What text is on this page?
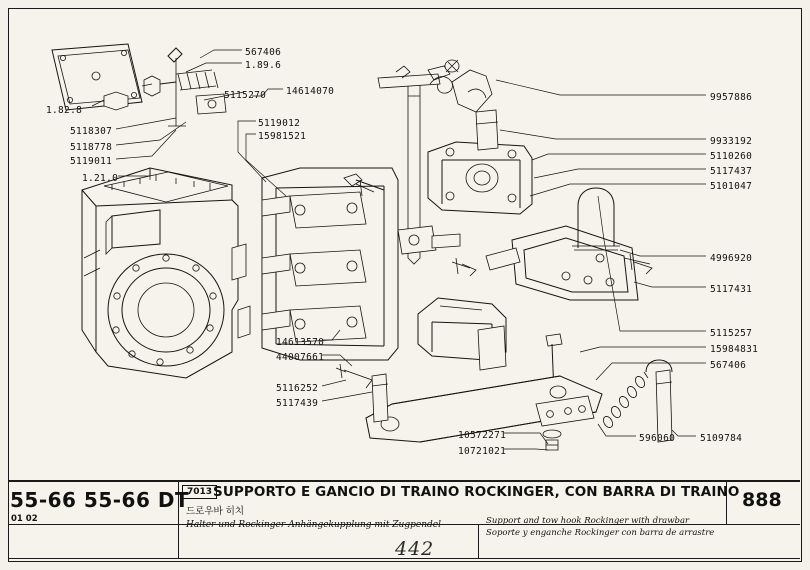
567406
1.89.6
1.82.8
5115270 14614070
5119012
15981521
5118307
5118778
5119011
1.21.0
14613570
44007661
5116252
5117439
10572271
10721021
596060
9957886
9933192
5110260
5117437
5101047
4996920
5117431
5115257
15984831
567406
5109784
55-66 55-66 DT
01 02
7013 SUPPORTO E GANCIO DI TRAINO ROCKINGER, CON BARRA DI TRAINO
드로우바 히치
Halter und Rockinger-Anhängekupplung mit Zugpendel	Support and tow hook Rockinger with drawbar
Soporte y enganche Rockinger con barra de arrastre
888
442
